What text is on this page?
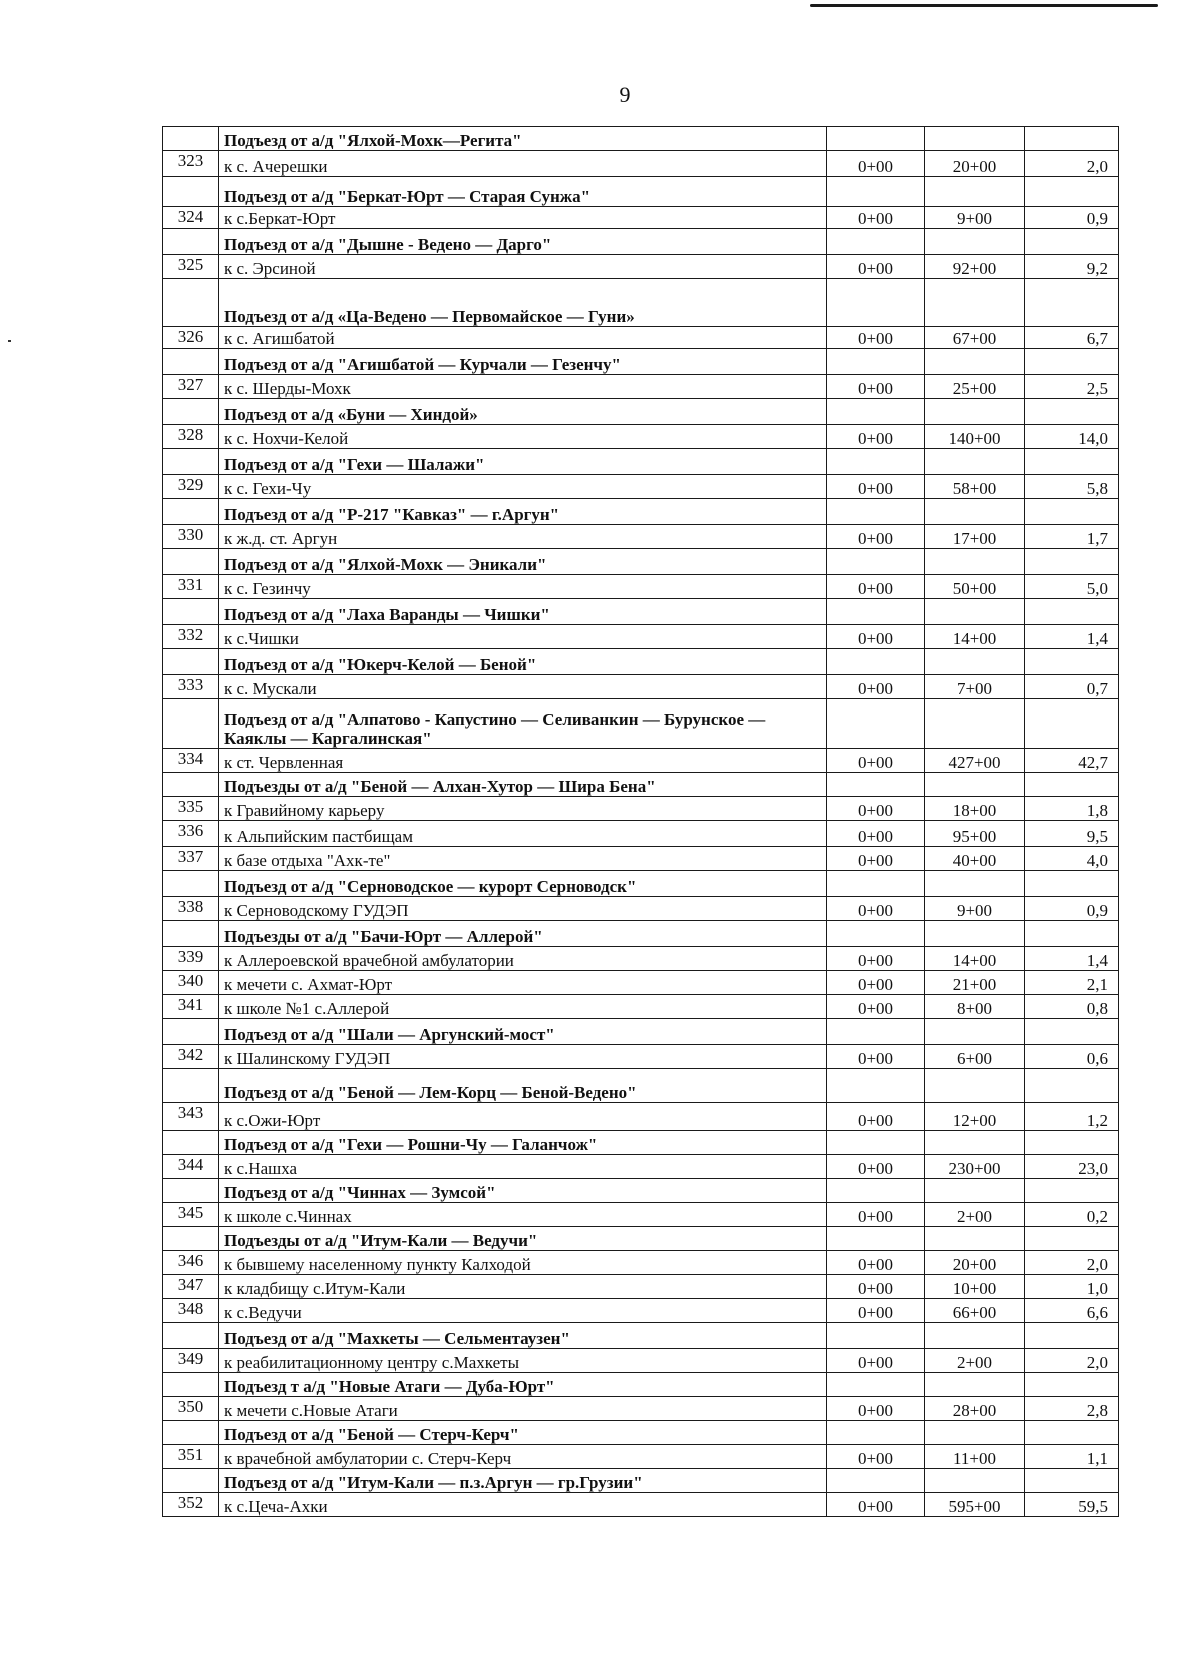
9
	Подъезд от а/д "Ялхой-Мохк—Регита"			
323	к с. Ачерешки	0+00	20+00	2,0
	Подъезд от а/д "Беркат-Юрт — Старая Сунжа"			
324	к с.Беркат-Юрт	0+00	9+00	0,9
	Подъезд от а/д "Дышне - Ведено — Дарго"			
325	к с. Эрсиной	0+00	92+00	9,2
	Подъезд от а/д «Ца-Ведено — Первомайское — Гуни»			
326	к с. Агишбатой	0+00	67+00	6,7
	Подъезд от а/д "Агишбатой — Курчали — Гезенчу"			
327	к с. Шерды-Мохк	0+00	25+00	2,5
	Подъезд от а/д «Буни — Хиндой»			
328	к с. Нохчи-Келой	0+00	140+00	14,0
	Подъезд от а/д "Гехи — Шалажи"			
329	к с. Гехи-Чу	0+00	58+00	5,8
	Подъезд от а/д "Р-217 "Кавказ" — г.Аргун"			
330	к ж.д. ст. Аргун	0+00	17+00	1,7
	Подъезд от а/д "Ялхой-Мохк — Эникали"			
331	к с. Гезинчу	0+00	50+00	5,0
	Подъезд от а/д "Лаха Варанды — Чишки"			
332	к с.Чишки	0+00	14+00	1,4
	Подъезд от а/д "Юкерч-Келой — Беной"			
333	к с. Мускали	0+00	7+00	0,7
	Подъезд от а/д "Алпатово - Капустино — Селиванкин — Бурунское — Каяклы — Каргалинская"			
334	к ст. Червленная	0+00	427+00	42,7
	Подъезды от а/д "Беной — Алхан-Хутор — Шира Бена"			
335	к Гравийному карьеру	0+00	18+00	1,8
336	к Альпийским пастбищам	0+00	95+00	9,5
337	к базе отдыха "Ахк-те"	0+00	40+00	4,0
	Подъезд от а/д "Серноводское — курорт Серноводск"			
338	к Серноводскому ГУДЭП	0+00	9+00	0,9
	Подъезды от а/д "Бачи-Юрт — Аллерой"			
339	к Аллероевской врачебной амбулатории	0+00	14+00	1,4
340	к мечети с. Ахмат-Юрт	0+00	21+00	2,1
341	к школе №1 с.Аллерой	0+00	8+00	0,8
	Подъезд от а/д "Шали — Аргунский-мост"			
342	к Шалинскому ГУДЭП	0+00	6+00	0,6
	Подъезд от а/д "Беной — Лем-Корц — Беной-Ведено"			
343	к с.Ожи-Юрт	0+00	12+00	1,2
	Подъезд от а/д "Гехи — Рошни-Чу — Галанчож"			
344	к с.Нашха	0+00	230+00	23,0
	Подъезд от а/д "Чиннах — Зумсой"			
345	к школе с.Чиннах	0+00	2+00	0,2
	Подъезды от а/д "Итум-Кали — Ведучи"			
346	к бывшему населенному пункту Калходой	0+00	20+00	2,0
347	к кладбищу с.Итум-Кали	0+00	10+00	1,0
348	к с.Ведучи	0+00	66+00	6,6
	Подъезд от а/д "Махкеты — Сельментаузен"			
349	к реабилитационному центру с.Махкеты	0+00	2+00	2,0
	Подъезд т а/д "Новые Атаги — Дуба-Юрт"			
350	к мечети с.Новые Атаги	0+00	28+00	2,8
	Подъезд от а/д "Беной — Стерч-Керч"			
351	к врачебной амбулатории с. Стерч-Керч	0+00	11+00	1,1
	Подъезд от а/д "Итум-Кали — п.з.Аргун — гр.Грузии"			
352	к с.Цеча-Ахки	0+00	595+00	59,5
